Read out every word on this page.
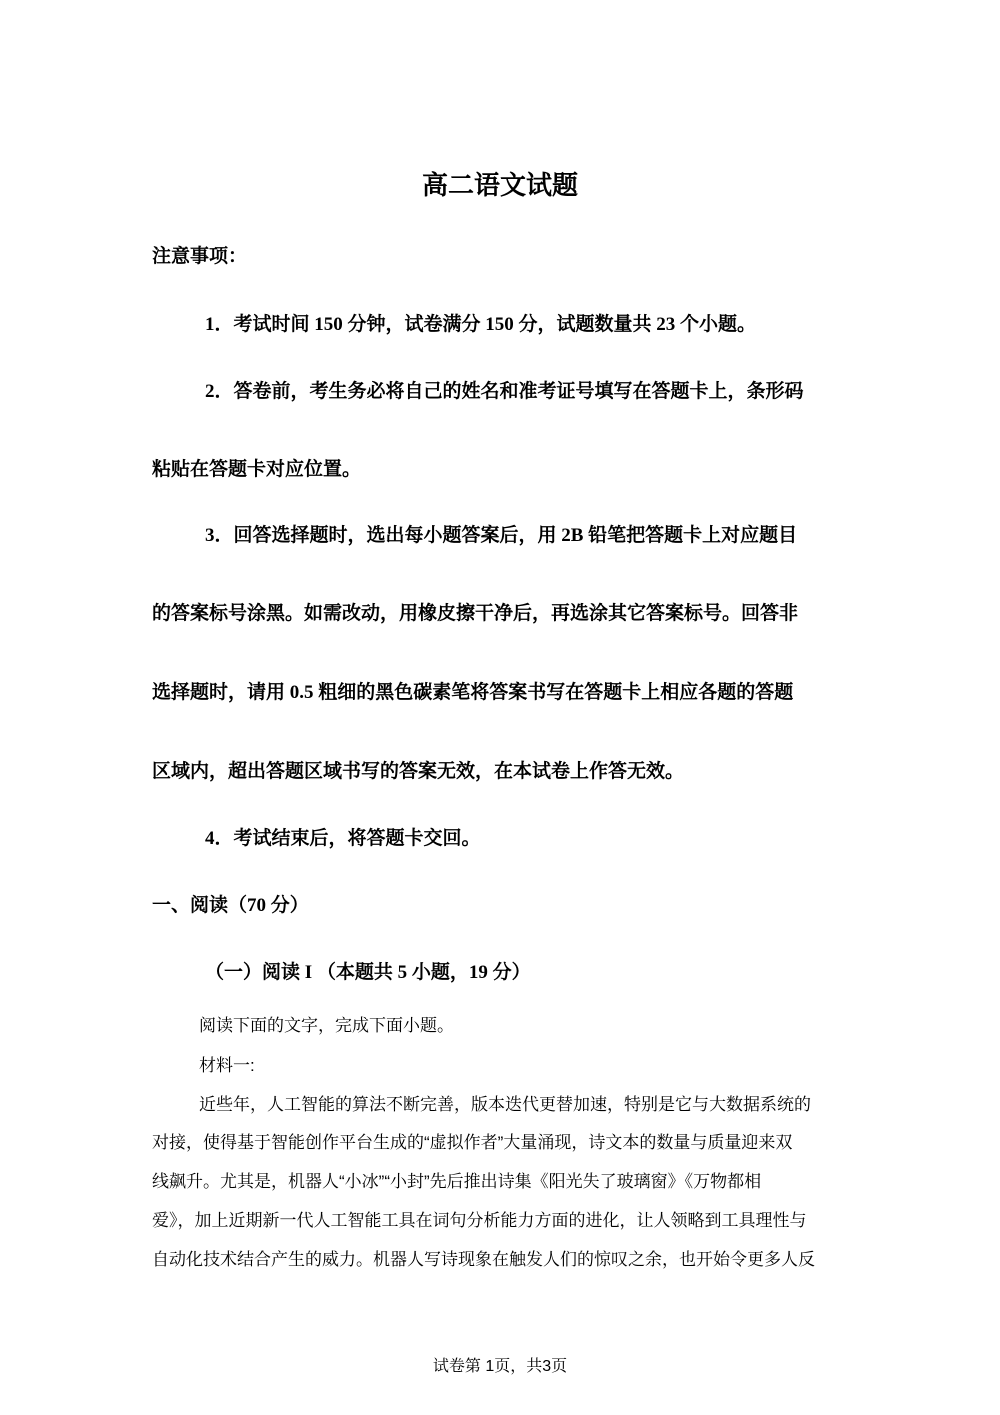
高二语文试题
注意事项：
1．考试时间 150 分钟，试卷满分 150 分，试题数量共 23 个小题。
2．答卷前，考生务必将自己的姓名和准考证号填写在答题卡上，条形码
粘贴在答题卡对应位置。
3．回答选择题时，选出每小题答案后，用 2B 铅笔把答题卡上对应题目
的答案标号涂黑。如需改动，用橡皮擦干净后，再选涂其它答案标号。回答非
选择题时，请用 0.5 粗细的黑色碳素笔将答案书写在答题卡上相应各题的答题
区域内，超出答题区域书写的答案无效，在本试卷上作答无效。
4．考试结束后，将答题卡交回。
一、阅读（70 分）
（一）阅读 I （本题共 5 小题，19 分）
阅读下面的文字，完成下面小题。
材料一:
近些年，人工智能的算法不断完善，版本迭代更替加速，特别是它与大数据系统的
对接，使得基于智能创作平台生成的“虚拟作者”大量涌现，诗文本的数量与质量迎来双
线飙升。尤其是，机器人“小冰”“小封”先后推出诗集《阳光失了玻璃窗》《万物都相
爱》，加上近期新一代人工智能工具在词句分析能力方面的进化，让人领略到工具理性与
自动化技术结合产生的威力。机器人写诗现象在触发人们的惊叹之余，也开始令更多人反
试卷第 1页，共3页
